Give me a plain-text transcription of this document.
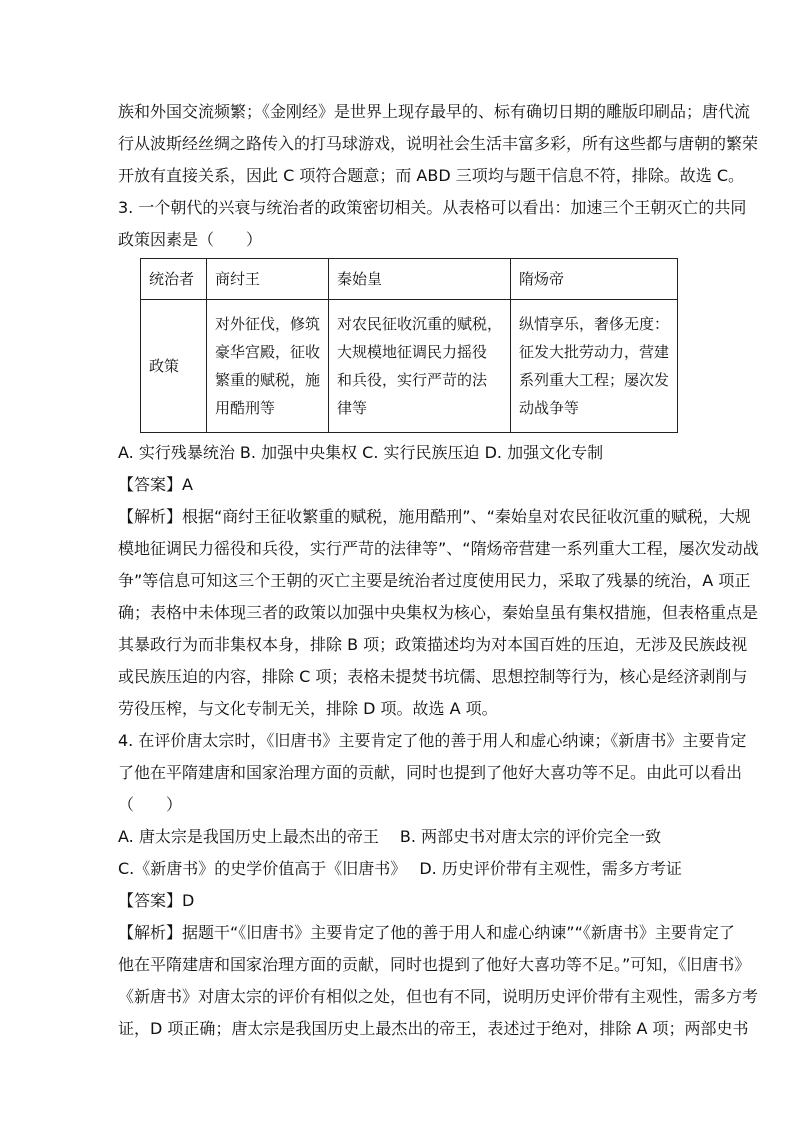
族和外国交流频繁；《金刚经》是世界上现存最早的、标有确切日期的雕版印刷品；唐代流
行从波斯经丝绸之路传入的打马球游戏，说明社会生活丰富多彩，所有这些都与唐朝的繁荣
开放有直接关系，因此 C 项符合题意；而 ABD 三项均与题干信息不符，排除。故选 C。
3. 一个朝代的兴衰与统治者的政策密切相关。从表格可以看出：加速三个王朝灭亡的共同
政策因素是（　　）
统治者	商纣王	秦始皇	隋炀帝
政策	对外征伐，修筑
豪华宫殿，征收
繁重的赋税，施
用酷刑等	对农民征收沉重的赋税，
大规模地征调民力摇役
和兵役，实行严苛的法
律等	纵情享乐，奢侈无度：
征发大批劳动力，营建
系列重大工程；屡次发
动战争等
A. 实行残暴统治 B. 加强中央集权 C. 实行民族压迫 D. 加强文化专制
【答案】A
【解析】根据“商纣王征收繁重的赋税，施用酷刑”、“秦始皇对农民征收沉重的赋税，大规
模地征调民力徭役和兵役，实行严苛的法律等”、“隋炀帝营建一系列重大工程，屡次发动战
争”等信息可知这三个王朝的灭亡主要是统治者过度使用民力，采取了残暴的统治，A 项正
确；表格中未体现三者的政策以加强中央集权为核心，秦始皇虽有集权措施，但表格重点是
其暴政行为而非集权本身，排除 B 项；政策描述均为对本国百姓的压迫，无涉及民族歧视
或民族压迫的内容，排除 C 项；表格未提焚书坑儒、思想控制等行为，核心是经济剥削与
劳役压榨，与文化专制无关，排除 D 项。故选 A 项。
4. 在评价唐太宗时，《旧唐书》主要肯定了他的善于用人和虚心纳谏；《新唐书》主要肯定
了他在平隋建唐和国家治理方面的贡献，同时也提到了他好大喜功等不足。由此可以看出
（　　）
A. 唐太宗是我国历史上最杰出的帝王　 B. 两部史书对唐太宗的评价完全一致
C.《新唐书》的史学价值高于《旧唐书》　 D. 历史评价带有主观性，需多方考证
【答案】D
【解析】据题干“《旧唐书》主要肯定了他的善于用人和虚心纳谏”“《新唐书》主要肯定了
他在平隋建唐和国家治理方面的贡献，同时也提到了他好大喜功等不足。”可知，《旧唐书》
《新唐书》对唐太宗的评价有相似之处，但也有不同，说明历史评价带有主观性，需多方考
证，D 项正确；唐太宗是我国历史上最杰出的帝王，表述过于绝对，排除 A 项；两部史书
